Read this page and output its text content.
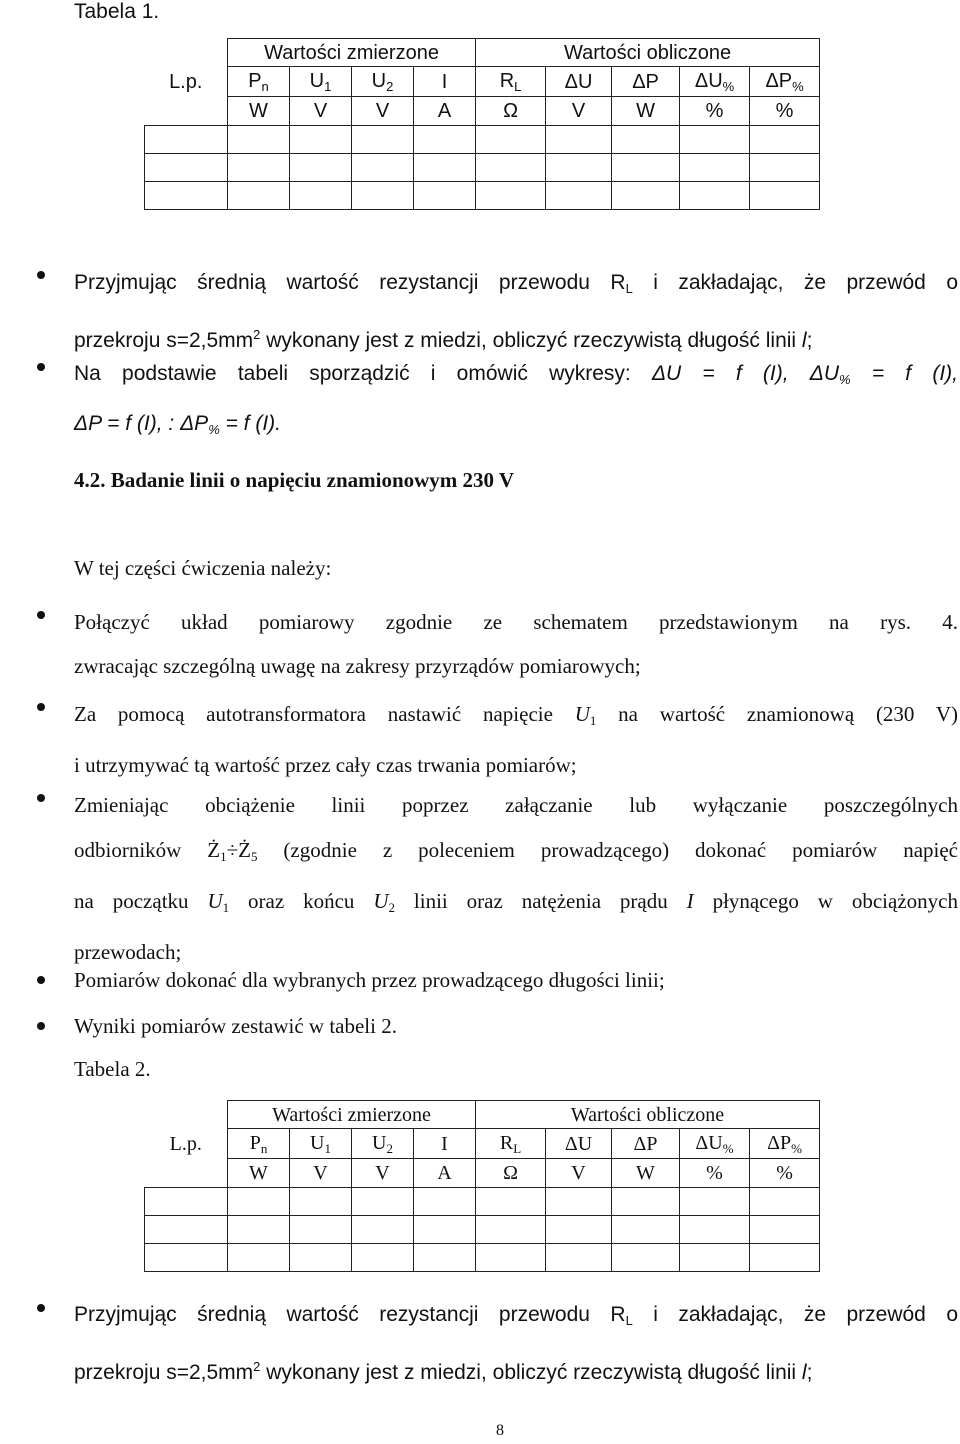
Tabela 1.
	Wartości zmierzone				Wartości obliczone				
L.p.	$P_n$	$U_1$	$U_2$	I	$R_L$	ΔU	ΔP	$\Delta U_{\%}$	$\Delta P_{\%}$
	W	V	V	A	Ω	V	W	%	%

Przyjmując średnią wartość rezystancji przewodu $R_L$ i zakładając, że przewód o
przekroju $s=2,5mm^2$ wykonany jest z miedzi, obliczyć rzeczywistą długość linii l;
Na podstawie tabeli sporządzić i omówić wykresy: ΔU = f (I), $\Delta U_{\%} = f$ (I),
ΔP = f (I), : $\Delta P_{\%} = f$ (I).
4.2. Badanie linii o napięciu znamionowym 230 V
W tej części ćwiczenia należy:
Połączyć układ pomiarowy zgodnie ze schematem przedstawionym na rys. 4.
zwracając szczególną uwagę na zakresy przyrządów pomiarowych;
Za pomocą autotransformatora nastawić napięcie $U_1$ na wartość znamionową (230 V)
i utrzymywać tą wartość przez cały czas trwania pomiarów;
Zmieniając obciążenie linii poprzez załączanie lub wyłączanie poszczególnych
odbiorników $Ż_1\div Ż_5$ (zgodnie z poleceniem prowadzącego) dokonać pomiarów napięć
na początku $U_1$ oraz końcu $U_2$ linii oraz natężenia prądu I płynącego w obciążonych
przewodach;
Pomiarów dokonać dla wybranych przez prowadzącego długości linii;
Wyniki pomiarów zestawić w tabeli 2.
Tabela 2.
	Wartości zmierzone				Wartości obliczone				
L.p.	$P_n$	$U_1$	$U_2$	I	$R_L$	ΔU	ΔP	$\Delta U_{\%}$	$\Delta P_{\%}$
	W	V	V	A	Ω	V	W	%	%

Przyjmując średnią wartość rezystancji przewodu $R_L$ i zakładając, że przewód o
przekroju $s=2,5mm^2$ wykonany jest z miedzi, obliczyć rzeczywistą długość linii l;
8
